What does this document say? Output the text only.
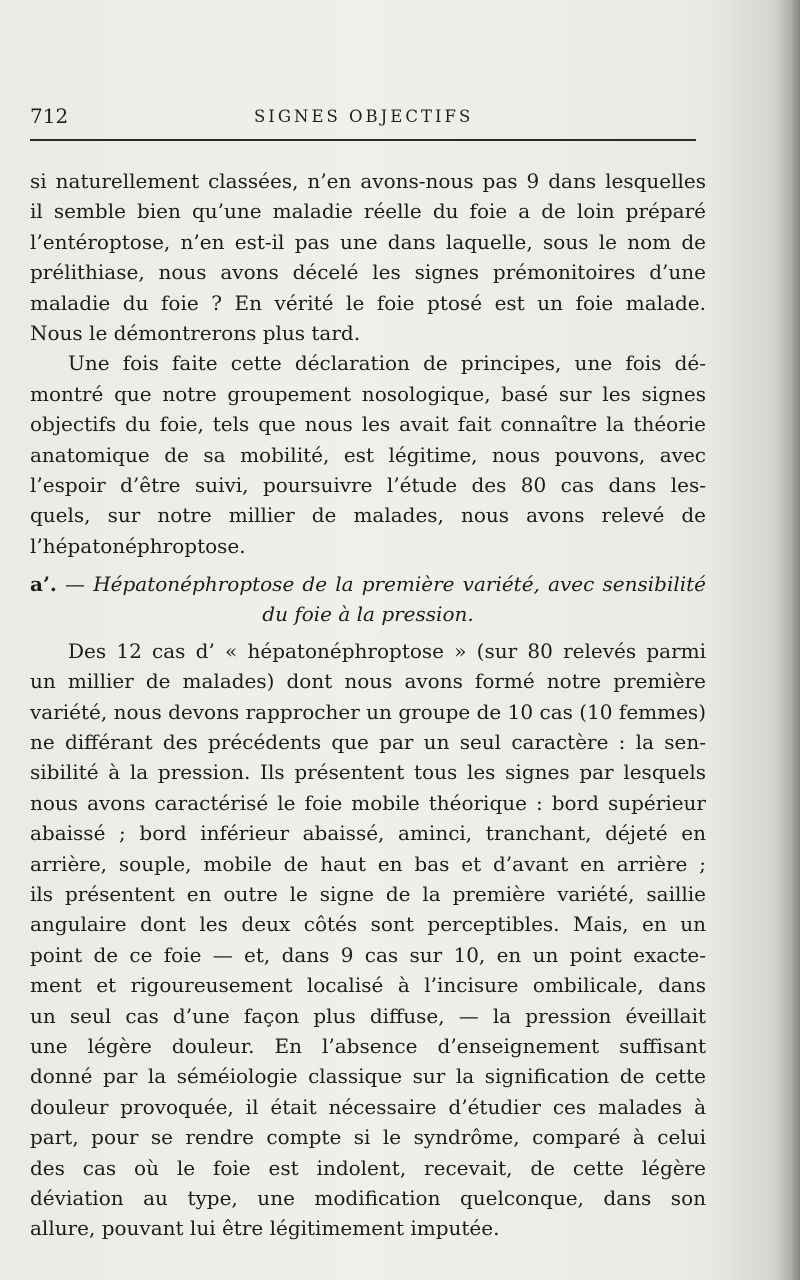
712	SIGNES OBJECTIFS
si naturellement classées, n’en avons-nous pas 9 dans lesquelles
il semble bien qu’une maladie réelle du foie a de loin préparé
l’entéroptose, n’en est-il pas une dans laquelle, sous le nom de
prélithiase, nous avons décelé les signes prémonitoires d’une
maladie du foie ? En vérité le foie ptosé est un foie malade.
Nous le démontrerons plus tard.
Une fois faite cette déclaration de principes, une fois dé-
montré que notre groupement nosologique, basé sur les signes
objectifs du foie, tels que nous les avait fait connaître la théorie
anatomique de sa mobilité, est légitime, nous pouvons, avec
l’espoir d’être suivi, poursuivre l’étude des 80 cas dans les-
quels, sur notre millier de malades, nous avons relevé de
l’hépatonéphroptose.
a’. — Hépatonéphroptose de la première variété, avec sensibilité
du foie à la pression.
Des 12 cas d’ « hépatonéphroptose » (sur 80 relevés parmi
un millier de malades) dont nous avons formé notre première
variété, nous devons rapprocher un groupe de 10 cas (10 femmes)
ne différant des précédents que par un seul caractère : la sen-
sibilité à la pression. Ils présentent tous les signes par lesquels
nous avons caractérisé le foie mobile théorique : bord supérieur
abaissé ; bord inférieur abaissé, aminci, tranchant, déjeté en
arrière, souple, mobile de haut en bas et d’avant en arrière ;
ils présentent en outre le signe de la première variété, saillie
angulaire dont les deux côtés sont perceptibles. Mais, en un
point de ce foie — et, dans 9 cas sur 10, en un point exacte-
ment et rigoureusement localisé à l’incisure ombilicale, dans
un seul cas d’une façon plus diffuse, — la pression éveillait
une légère douleur. En l’absence d’enseignement suffisant
donné par la séméiologie classique sur la signification de cette
douleur provoquée, il était nécessaire d’étudier ces malades à
part, pour se rendre compte si le syndrôme, comparé à celui
des cas où le foie est indolent, recevait, de cette légère
déviation au type, une modification quelconque, dans son
allure, pouvant lui être légitimement imputée.
